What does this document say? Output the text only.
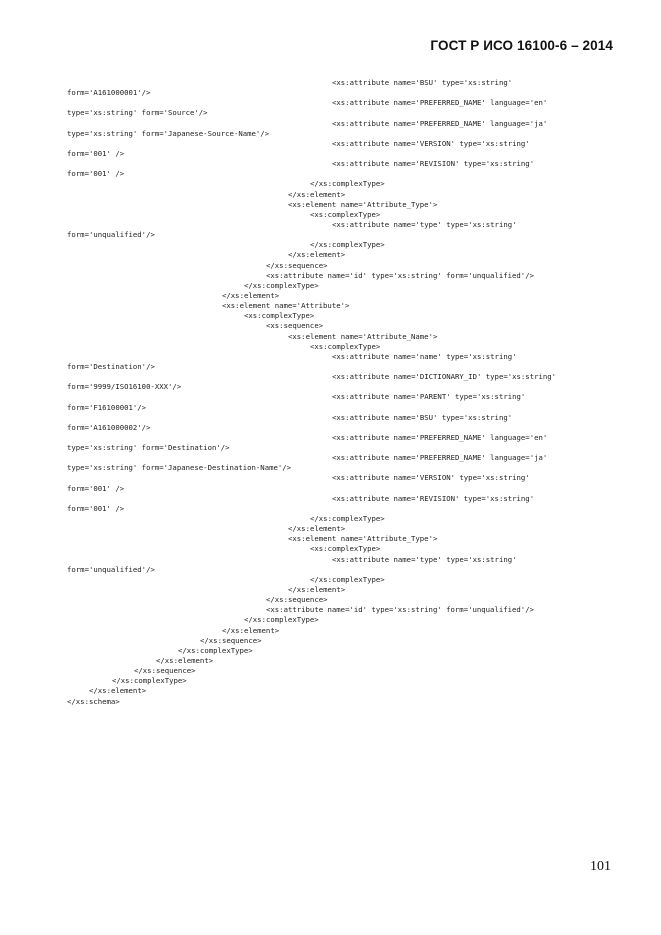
ГОСТ Р ИСО 16100-6 – 2014
<xs:attribute name='BSU' type='xs:string'
form='A161000001'/>
<xs:attribute name='PREFERRED_NAME' language='en'
type='xs:string' form='Source'/>
<xs:attribute name='PREFERRED_NAME' language='ja'
type='xs:string' form='Japanese-Source-Name'/>
<xs:attribute name='VERSION' type='xs:string'
form='001' />
<xs:attribute name='REVISION' type='xs:string'
form='001' />
</xs:complexType>
</xs:element>
<xs:element name='Attribute_Type'>
<xs:complexType>
<xs:attribute name='type' type='xs:string'
form='unqualified'/>
</xs:complexType>
</xs:element>
</xs:sequence>
<xs:attribute name='id' type='xs:string' form='unqualified'/>
</xs:complexType>
</xs:element>
<xs:element name='Attribute'>
<xs:complexType>
<xs:sequence>
<xs:element name='Attribute_Name'>
<xs:complexType>
<xs:attribute name='name' type='xs:string'
form='Destination'/>
<xs:attribute name='DICTIONARY_ID' type='xs:string'
form='9999/ISO16100-XXX'/>
<xs:attribute name='PARENT' type='xs:string'
form='F16100001'/>
<xs:attribute name='BSU' type='xs:string'
form='A161000002'/>
<xs:attribute name='PREFERRED_NAME' language='en'
type='xs:string' form='Destination'/>
<xs:attribute name='PREFERRED_NAME' language='ja'
type='xs:string' form='Japanese-Destination-Name'/>
<xs:attribute name='VERSION' type='xs:string'
form='001' />
<xs:attribute name='REVISION' type='xs:string'
form='001' />
</xs:complexType>
</xs:element>
<xs:element name='Attribute_Type'>
<xs:complexType>
<xs:attribute name='type' type='xs:string'
form='unqualified'/>
</xs:complexType>
</xs:element>
</xs:sequence>
<xs:attribute name='id' type='xs:string' form='unqualified'/>
</xs:complexType>
</xs:element>
</xs:sequence>
</xs:complexType>
</xs:element>
</xs:sequence>
</xs:complexType>
</xs:element>
</xs:schema>
101
